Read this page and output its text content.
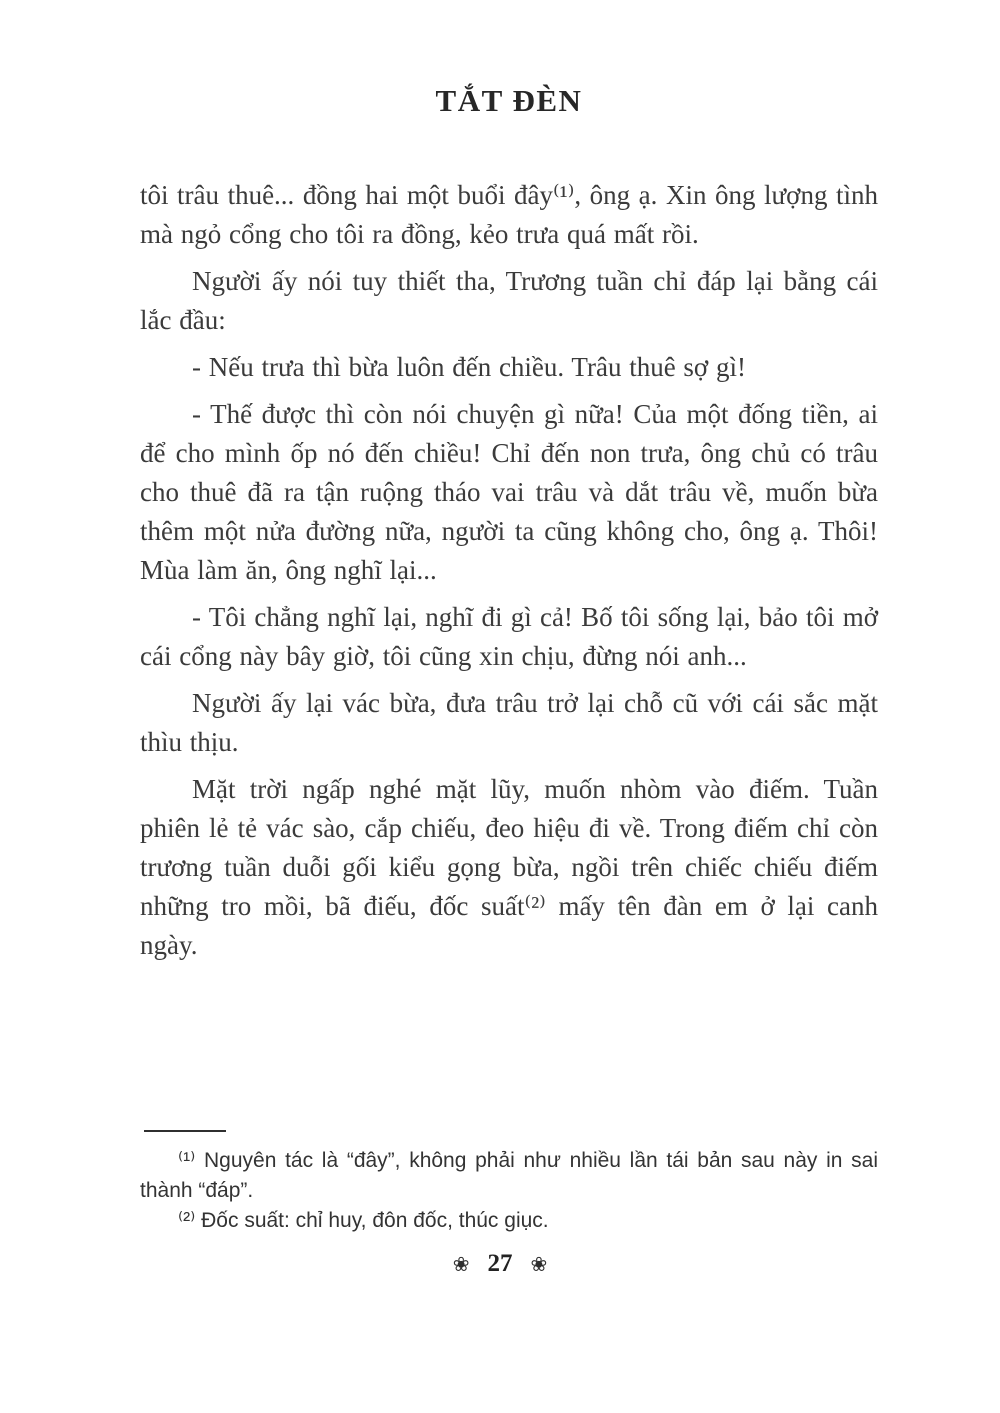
TẮT ĐÈN

tôi trâu thuê... đồng hai một buổi đây⁽¹⁾, ông ạ. Xin ông lượng tình mà ngỏ cổng cho tôi ra đồng, kẻo trưa quá mất rồi.

Người ấy nói tuy thiết tha, Trương tuần chỉ đáp lại bằng cái lắc đầu:

- Nếu trưa thì bừa luôn đến chiều. Trâu thuê sợ gì!

- Thế được thì còn nói chuyện gì nữa! Của một đống tiền, ai để cho mình ốp nó đến chiều! Chỉ đến non trưa, ông chủ có trâu cho thuê đã ra tận ruộng tháo vai trâu và dắt trâu về, muốn bừa thêm một nửa đường nữa, người ta cũng không cho, ông ạ. Thôi! Mùa làm ăn, ông nghĩ lại...

- Tôi chẳng nghĩ lại, nghĩ đi gì cả! Bố tôi sống lại, bảo tôi mở cái cổng này bây giờ, tôi cũng xin chịu, đừng nói anh...

Người ấy lại vác bừa, đưa trâu trở lại chỗ cũ với cái sắc mặt thìu thịu.

Mặt trời ngấp nghé mặt lũy, muốn nhòm vào điếm. Tuần phiên lẻ tẻ vác sào, cắp chiếu, đeo hiệu đi về. Trong điếm chỉ còn trương tuần duỗi gối kiểu gọng bừa, ngồi trên chiếc chiếu điếm những tro mồi, bã điếu, đốc suất⁽²⁾ mấy tên đàn em ở lại canh ngày.

⁽¹⁾ Nguyên tác là “đây”, không phải như nhiều lần tái bản sau này in sai thành “đáp”.

⁽²⁾ Đốc suất: chỉ huy, đôn đốc, thúc giục.

❀ 27 ❀
